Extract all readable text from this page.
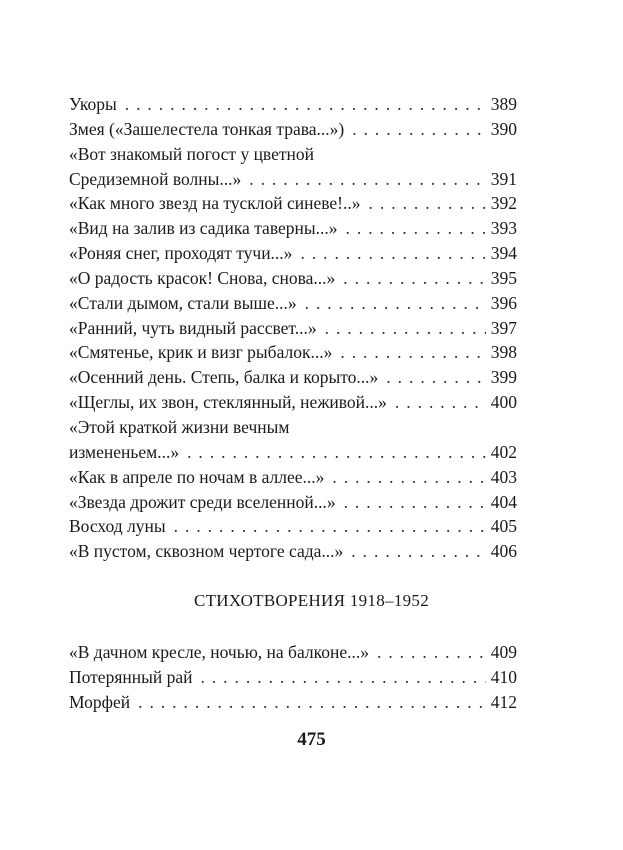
Укоры . . .	389
Змея («Зашелестела тонкая трава...») . . .	390
«Вот знакомый погост у цветной
Средиземной волны...» . . .	391
«Как много звезд на тусклой синеве!..» . . .	392
«Вид на залив из садика таверны...» . . .	393
«Роняя снег, проходят тучи...» . . .	394
«О радость красок! Снова, снова...» . . .	395
«Стали дымом, стали выше...» . . .	396
«Ранний, чуть видный рассвет...» . . .	397
«Смятенье, крик и визг рыбалок...» . . .	398
«Осенний день. Степь, балка и корыто...» . . .	399
«Щеглы, их звон, стеклянный, неживой...» . . .	400
«Этой краткой жизни вечным
измененьем...» . . .	402
«Как в апреле по ночам в аллее...» . . .	403
«Звезда дрожит среди вселенной...» . . .	404
Восход луны . . .	405
«В пустом, сквозном чертоге сада...» . . .	406
СТИХОТВОРЕНИЯ 1918–1952
«В дачном кресле, ночью, на балконе...» . . .	409
Потерянный рай . . .	410
Морфей . . .	412
475
